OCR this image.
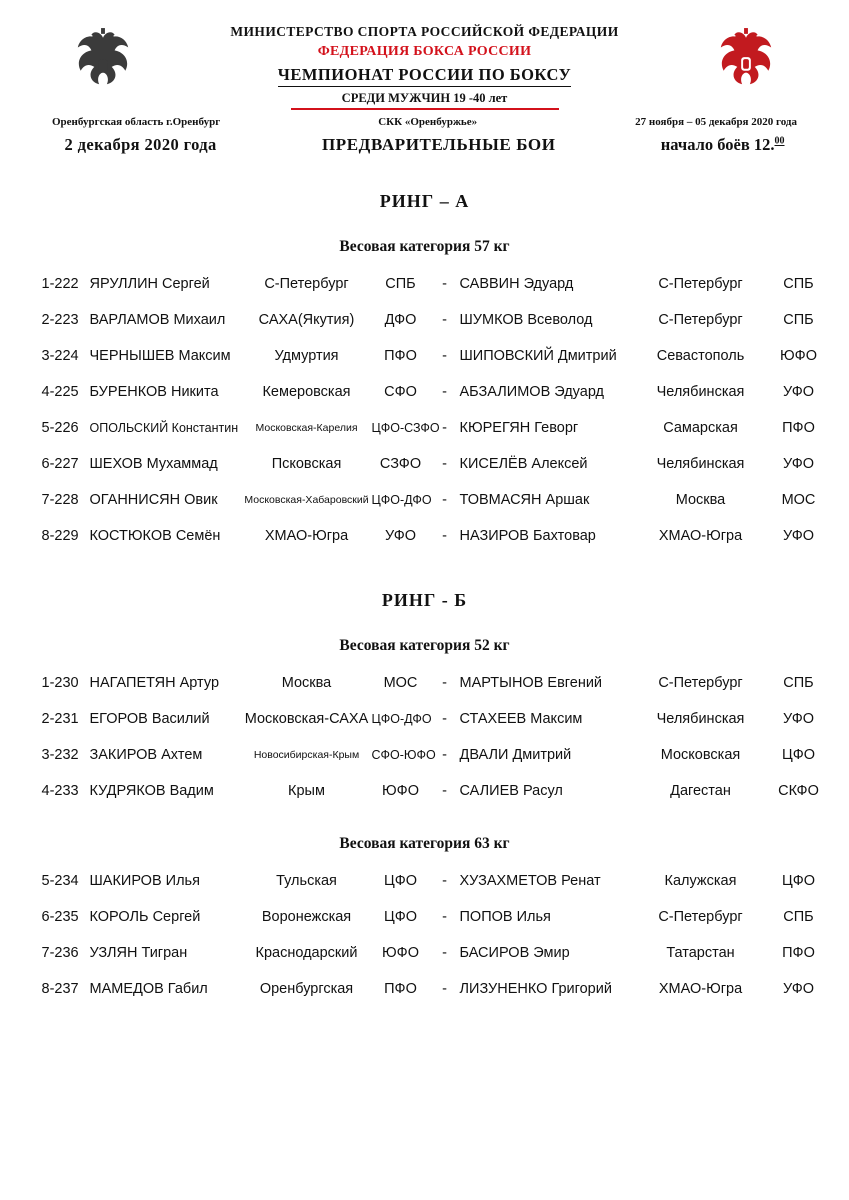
МИНИСТЕРСТВО СПОРТА РОССИЙСКОЙ ФЕДЕРАЦИИ
ФЕДЕРАЦИЯ БОКСА РОССИИ
ЧЕМПИОНАТ РОССИИ ПО БОКСУ
СРЕДИ МУЖЧИН 19 -40 лет
Оренбургская область г.Оренбург	СКК «Оренбуржье»	27 ноября – 05 декабря 2020 года
2 декабря 2020 года	ПРЕДВАРИТЕЛЬНЫЕ БОИ	начало боёв 12.00
РИНГ – А
Весовая категория 57 кг
1-222 ЯРУЛЛИН Сергей	С-Петербург	СПБ	- САВВИН Эдуард	С-Петербург	СПБ
2-223 ВАРЛАМОВ Михаил	САХА(Якутия)	ДФО	- ШУМКОВ Всеволод	С-Петербург	СПБ
3-224 ЧЕРНЫШЕВ Максим	Удмуртия	ПФО	- ШИПОВСКИЙ Дмитрий	Севастополь	ЮФО
4-225 БУРЕНКОВ Никита	Кемеровская	СФО	- АБЗАЛИМОВ Эдуард	Челябинская	УФО
5-226 ОПОЛЬСКИЙ Константин	Московская-Карелия	ЦФО-СЗФО - КЮРЕГЯН Геворг	Самарская	ПФО
6-227 ШЕХОВ Мухаммад	Псковская	СЗФО	- КИСЕЛЁВ Алексей	Челябинская	УФО
7-228 ОГАННИСЯН Овик	Московская-Хабаровский ЦФО-ДФО - ТОВМАСЯН Аршак	Москва	МОС
8-229 КОСТЮКОВ Семён	ХМАО-Югра	УФО	- НАЗИРОВ Бахтовар	ХМАО-Югра	УФО
РИНГ - Б
Весовая категория 52 кг
1-230 НАГАПЕТЯН Артур	Москва	МОС	- МАРТЫНОВ Евгений	С-Петербург	СПБ
2-231 ЕГОРОВ Василий	Московская-САХА ЦФО-ДФО - СТАХЕЕВ Максим	Челябинская	УФО
3-232 ЗАКИРОВ Ахтем	Новосибирская-Крым СФО-ЮФО - ДВАЛИ Дмитрий	Московская	ЦФО
4-233 КУДРЯКОВ Вадим	Крым	ЮФО	- САЛИЕВ Расул	Дагестан	СКФО
Весовая категория 63 кг
5-234 ШАКИРОВ Илья	Тульская	ЦФО	- ХУЗАХМЕТОВ Ренат	Калужская	ЦФО
6-235 КОРОЛЬ Сергей	Воронежская	ЦФО	- ПОПОВ Илья	С-Петербург	СПБ
7-236 УЗЛЯН Тигран	Краснодарский	ЮФО	- БАСИРОВ Эмир	Татарстан	ПФО
8-237 МАМЕДОВ Габил	Оренбургская	ПФО	- ЛИЗУНЕНКО Григорий	ХМАО-Югра	УФО
